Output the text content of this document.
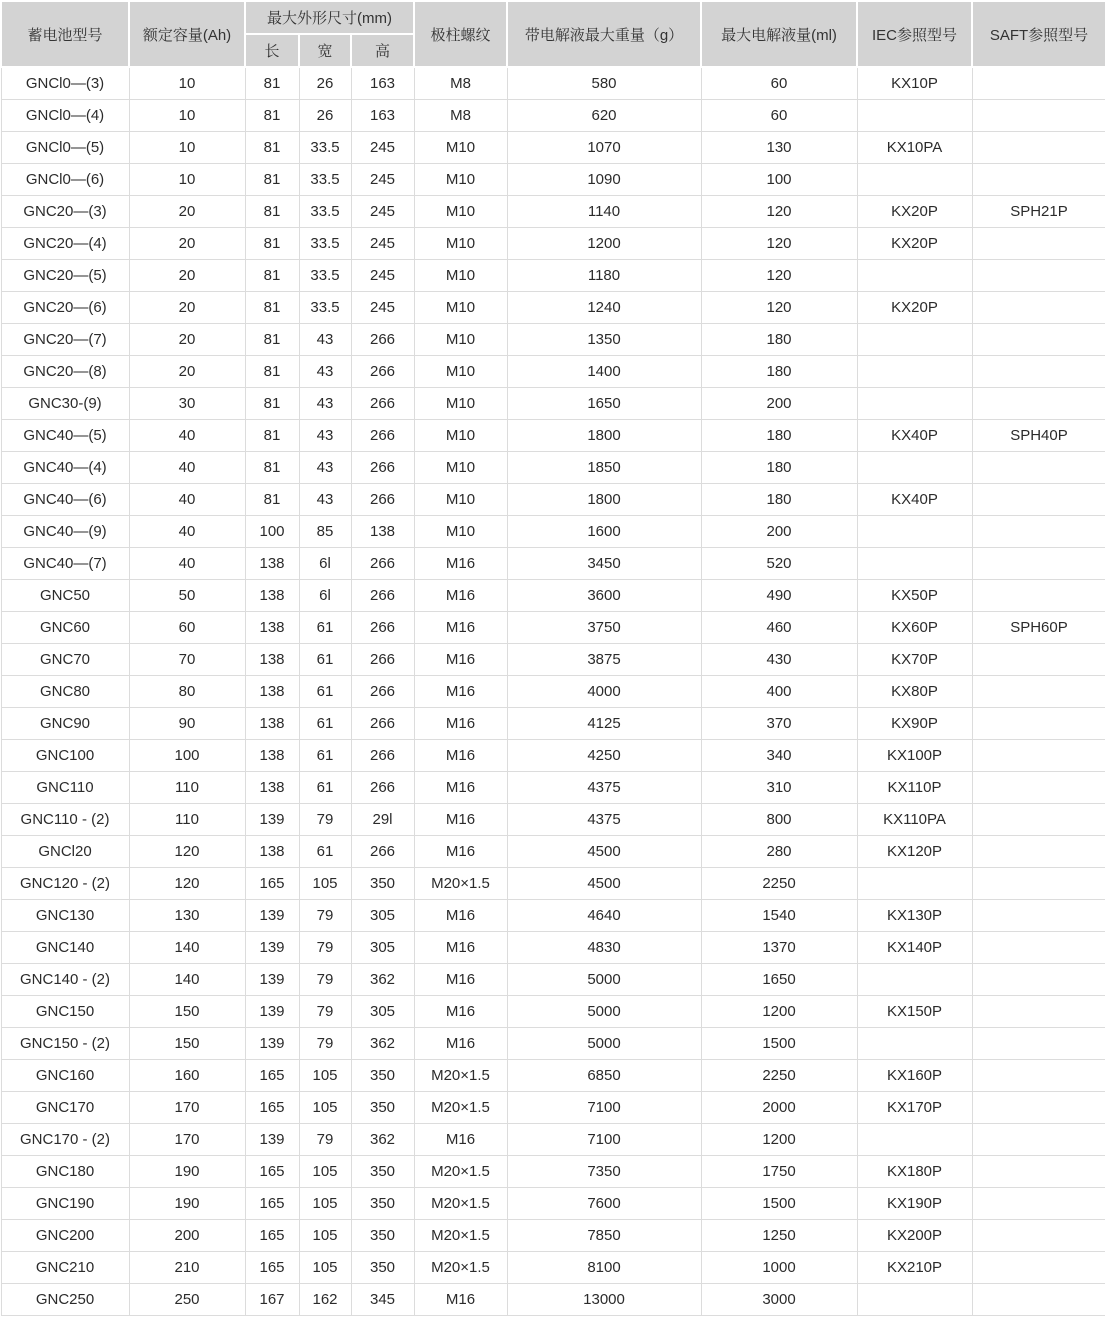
蓄电池型号	额定容量(Ah)	最大外形尺寸(mm)			极柱螺纹	带电解液最大重量（g）	最大电解液量(ml)	IEC参照型号	SAFT参照型号
		长	宽	高					
GNCl0—(3)	10	81	26	163	M8	580	60	KX10P	
GNCl0—(4)	10	81	26	163	M8	620	60		
GNCl0—(5)	10	81	33.5	245	M10	1070	130	KX10PA	
GNCl0—(6)	10	81	33.5	245	M10	1090	100		
GNC20—(3)	20	81	33.5	245	M10	1140	120	KX20P	SPH21P
GNC20—(4)	20	81	33.5	245	M10	1200	120	KX20P	
GNC20—(5)	20	81	33.5	245	M10	1180	120		
GNC20—(6)	20	81	33.5	245	M10	1240	120	KX20P	
GNC20—(7)	20	81	43	266	M10	1350	180		
GNC20—(8)	20	81	43	266	M10	1400	180		
GNC30-(9)	30	81	43	266	M10	1650	200		
GNC40—(5)	40	81	43	266	M10	1800	180	KX40P	SPH40P
GNC40—(4)	40	81	43	266	M10	1850	180		
GNC40—(6)	40	81	43	266	M10	1800	180	KX40P	
GNC40—(9)	40	100	85	138	M10	1600	200		
GNC40—(7)	40	138	6l	266	M16	3450	520		
GNC50	50	138	6l	266	M16	3600	490	KX50P	
GNC60	60	138	61	266	M16	3750	460	KX60P	SPH60P
GNC70	70	138	61	266	M16	3875	430	KX70P	
GNC80	80	138	61	266	M16	4000	400	KX80P	
GNC90	90	138	61	266	M16	4125	370	KX90P	
GNC100	100	138	61	266	M16	4250	340	KX100P	
GNC110	110	138	61	266	M16	4375	310	KX110P	
GNC110 - (2)	110	139	79	29l	M16	4375	800	KX110PA	
GNCl20	120	138	61	266	M16	4500	280	KX120P	
GNC120 - (2)	120	165	105	350	M20×1.5	4500	2250		
GNC130	130	139	79	305	M16	4640	1540	KX130P	
GNC140	140	139	79	305	M16	4830	1370	KX140P	
GNC140 - (2)	140	139	79	362	M16	5000	1650		
GNC150	150	139	79	305	M16	5000	1200	KX150P	
GNC150 - (2)	150	139	79	362	M16	5000	1500		
GNC160	160	165	105	350	M20×1.5	6850	2250	KX160P	
GNC170	170	165	105	350	M20×1.5	7100	2000	KX170P	
GNC170 - (2)	170	139	79	362	M16	7100	1200		
GNC180	190	165	105	350	M20×1.5	7350	1750	KX180P	
GNC190	190	165	105	350	M20×1.5	7600	1500	KX190P	
GNC200	200	165	105	350	M20×1.5	7850	1250	KX200P	
GNC210	210	165	105	350	M20×1.5	8100	1000	KX210P	
GNC250	250	167	162	345	M16	13000	3000		
